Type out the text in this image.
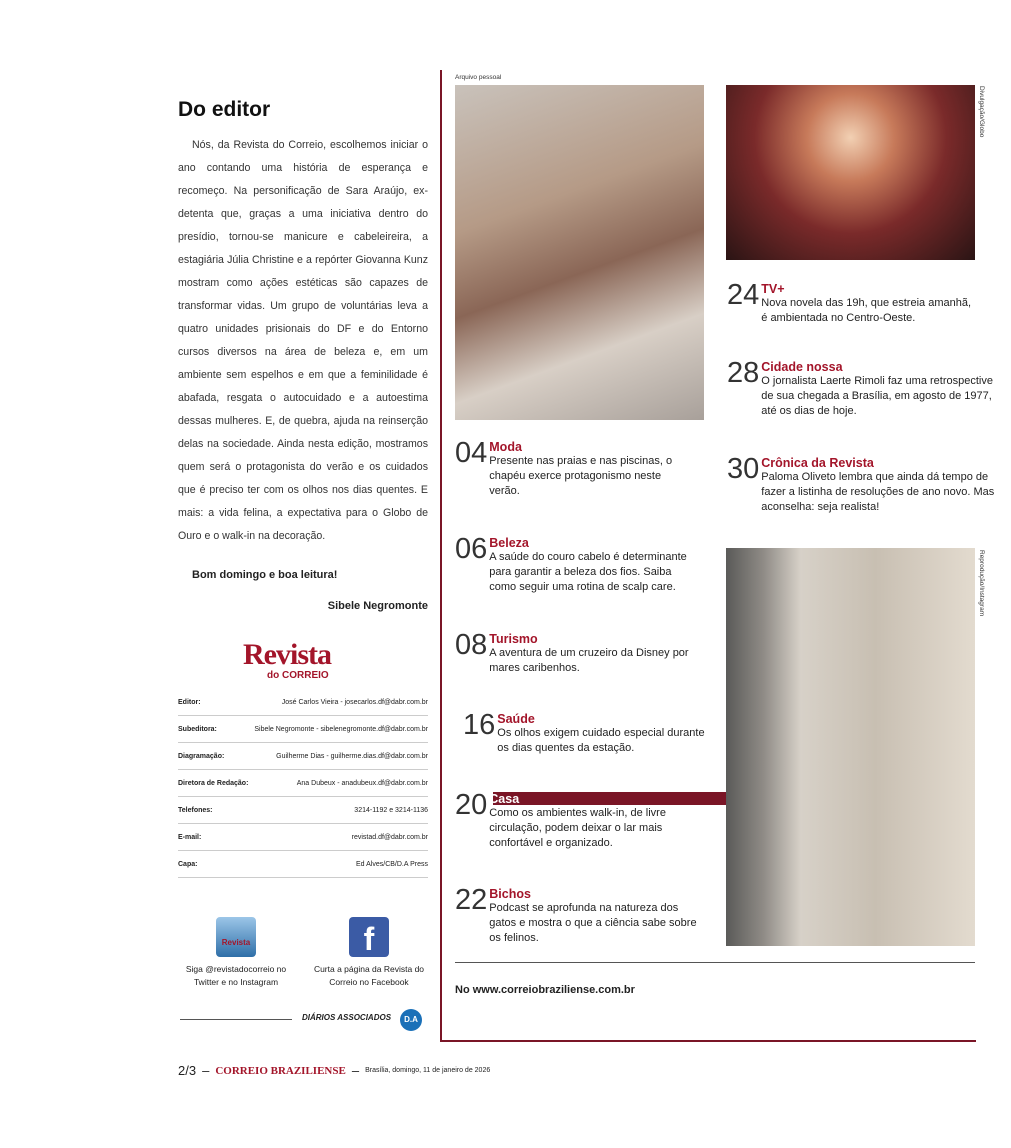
Do editor

Nós, da Revista do Correio, escolhemos iniciar o ano contando uma história de esperança e recomeço. Na personificação de Sara Araújo, ex-detenta que, graças a uma iniciativa dentro do presídio, tornou-se manicure e cabeleireira, a estagiária Júlia Christine e a repórter Giovanna Kunz mostram como ações estéticas são capazes de transformar vidas. Um grupo de voluntárias leva a quatro unidades prisionais do DF e do Entorno cursos diversos na área de beleza e, em um ambiente sem espelhos e em que a feminilidade é abafada, resgata o autocuidado e a autoestima dessas mulheres. E, de quebra, ajuda na reinserção delas na sociedade. Ainda nesta edição, mostramos quem será o protagonista do verão e os cuidados que é preciso ter com os olhos nos dias quentes. E mais: a vida felina, a expectativa para o Globo de Ouro e o walk-in na decoração.

Bom domingo e boa leitura!
Sibele Negromonte
Revista
do CORREIO
Editor:	José Carlos Vieira - josecarlos.df@dabr.com.br
Subeditora:	Sibele Negromonte - sibelenegromonte.df@dabr.com.br
Diagramação:	Guilherme Dias - guilherme.dias.df@dabr.com.br
Diretora de Redação:	Ana Dubeux - anadubeux.df@dabr.com.br
Telefones:	3214-1192 e 3214-1136
E-mail:	revistad.df@dabr.com.br
Capa:	Ed Alves/CB/D.A Press
Revista
Siga @revistadocorreio no Twitter e no Instagram
f
Curta a página da Revista do Correio no Facebook
DIÁRIOS ASSOCIADOS	D.A
2/3 – CORREIO BRAZILIENSE – Brasília, domingo, 11 de janeiro de 2026
Arquivo pessoal
Divulgação/Globo
Reprodução/Instagram
04 Moda
Presente nas praias e nas piscinas, o chapéu exerce protagonismo neste verão.
06 Beleza
A saúde do couro cabelo é determinante para garantir a beleza dos fios. Saiba como seguir uma rotina de scalp care.
08 Turismo
A aventura de um cruzeiro da Disney por mares caribenhos.
16 Saúde
Os olhos exigem cuidado especial durante os dias quentes da estação.
20 Casa
Como os ambientes walk-in, de livre circulação, podem deixar o lar mais confortável e organizado.
22 Bichos
Podcast se aprofunda na natureza dos gatos e mostra o que a ciência sabe sobre os felinos.
24 TV+
Nova novela das 19h, que estreia amanhã, é ambientada no Centro-Oeste.
28 Cidade nossa
O jornalista Laerte Rimoli faz uma retrospective de sua chegada a Brasília, em agosto de 1977, até os dias de hoje.
30 Crônica da Revista
Paloma Oliveto lembra que ainda dá tempo de fazer a listinha de resoluções de ano novo. Mas aconselha: seja realista!
No www.correiobraziliense.com.br
